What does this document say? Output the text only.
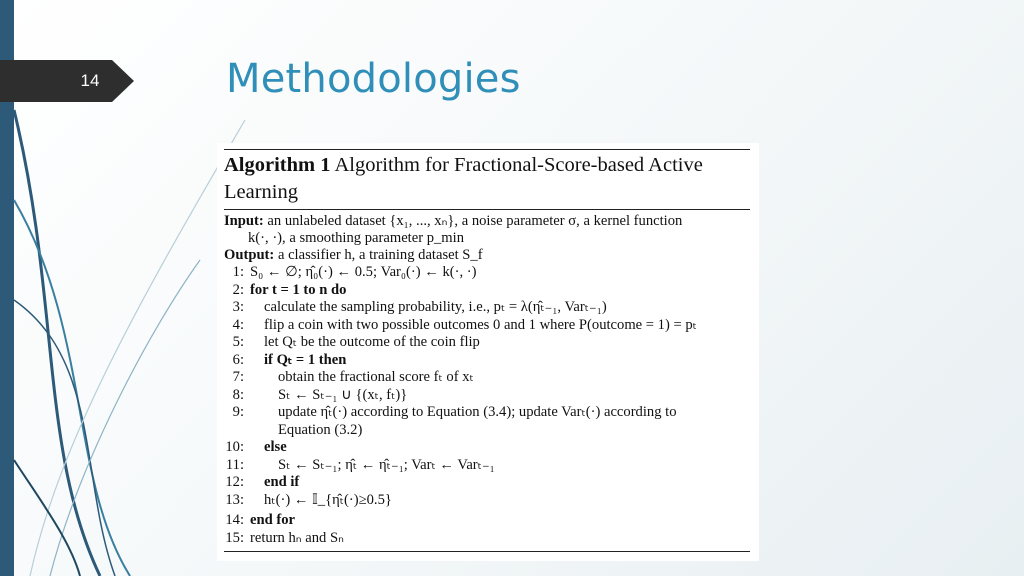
14	Methodologies
Algorithm 1 Algorithm for Fractional-Score-based Active Learning
Input: an unlabeled dataset {x₁, ..., xₙ}, a noise parameter σ, a kernel function
k(·, ·), a smoothing parameter p_min
Output: a classifier h, a training dataset S_f
1: S₀ ← ∅; η̂₀(·) ← 0.5; Var₀(·) ← k(·, ·)
2: for t = 1 to n do
3: calculate the sampling probability, i.e., pₜ = λ(η̂ₜ₋₁, Varₜ₋₁)
4: flip a coin with two possible outcomes 0 and 1 where P(outcome = 1) = pₜ
5: let Qₜ be the outcome of the coin flip
6: if Qₜ = 1 then
7: obtain the fractional score fₜ of xₜ
8: Sₜ ← Sₜ₋₁ ∪ {(xₜ, fₜ)}
9: update η̂ₜ(·) according to Equation (3.4); update Varₜ(·) according to
Equation (3.2)
10: else
11: Sₜ ← Sₜ₋₁; η̂ₜ ← η̂ₜ₋₁; Varₜ ← Varₜ₋₁
12: end if
13: hₜ(·) ← 𝕀_{η̂ₜ(·)≥0.5}
14: end for
15: return hₙ and Sₙ
